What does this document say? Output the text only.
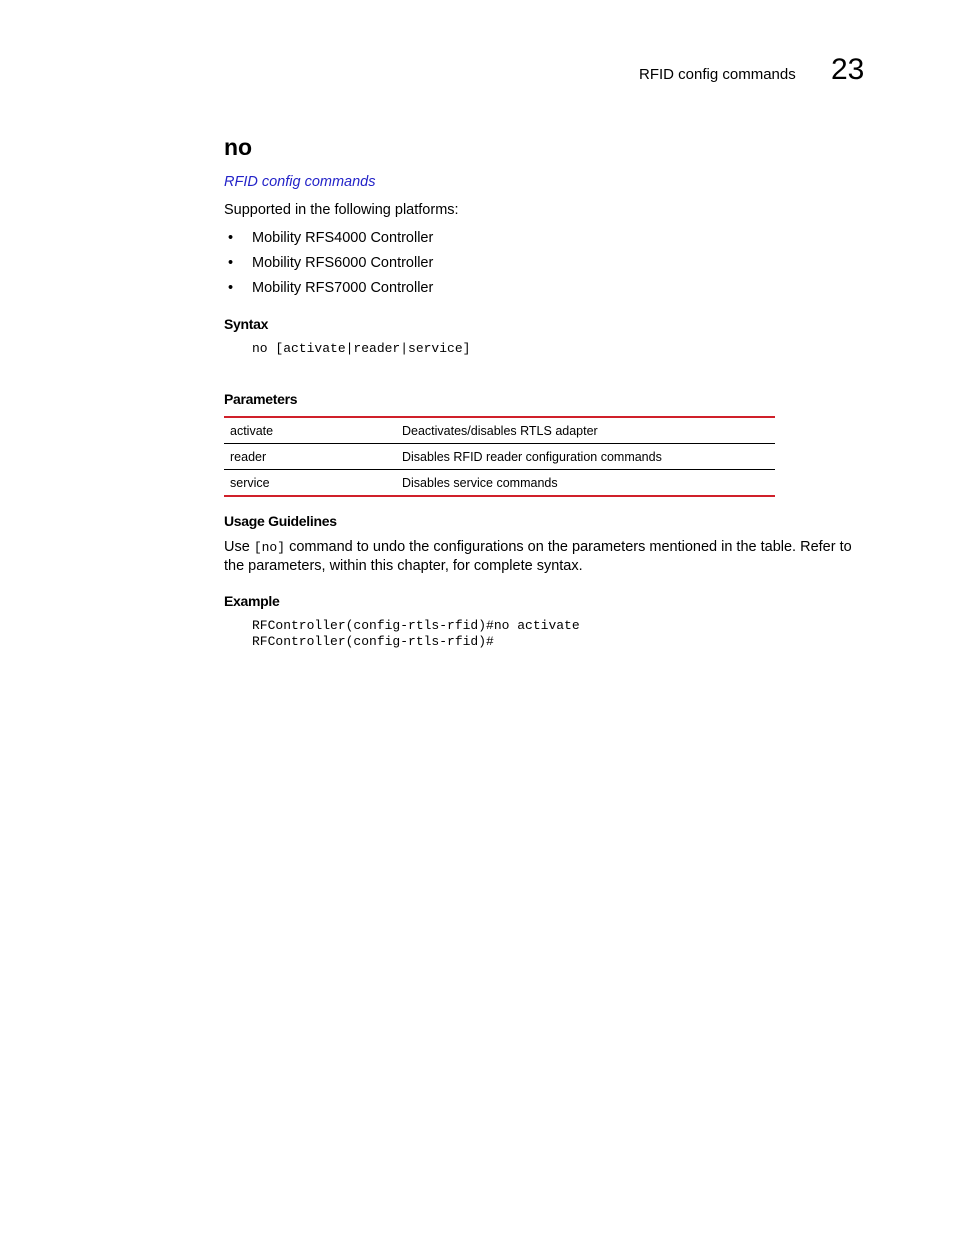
RFID config commands 23
no
RFID config commands
Supported in the following platforms:
• Mobility RFS4000 Controller
• Mobility RFS6000 Controller
• Mobility RFS7000 Controller
Syntax
no [activate|reader|service]
Parameters
activate	Deactivates/disables RTLS adapter
reader	Disables RFID reader configuration commands
service	Disables service commands
Usage Guidelines
Use [no] command to undo the configurations on the parameters mentioned in the table. Refer to the parameters, within this chapter, for complete syntax.
Example
RFController(config-rtls-rfid)#no activate
RFController(config-rtls-rfid)#
